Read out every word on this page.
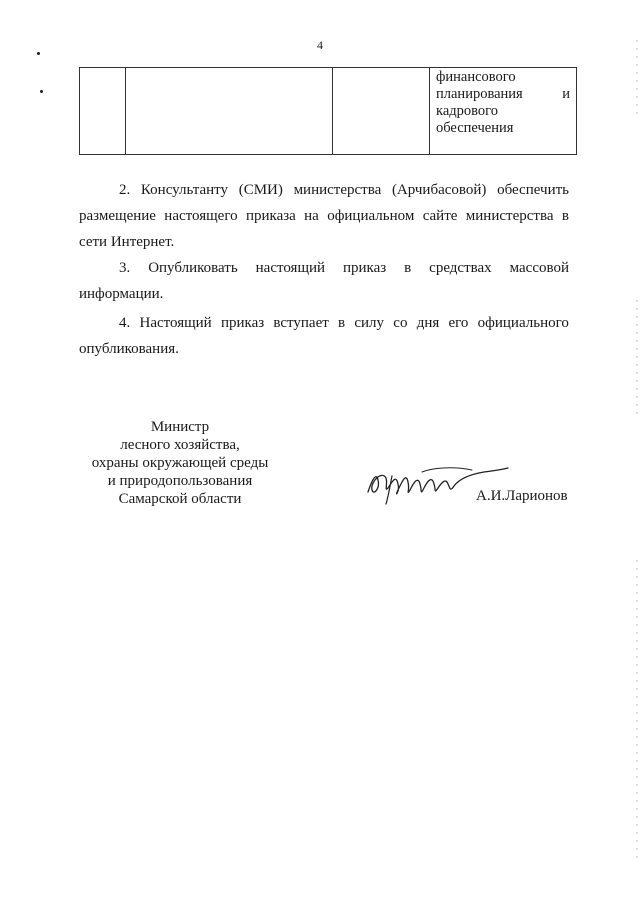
4

финансового
планирования	и
кадрового
обеспечения
2. Консультанту (СМИ) министерства (Арчибасовой) обеспечить
размещение настоящего приказа на официальном сайте министерства в
сети Интернет.
3. Опубликовать настоящий приказ в средствах массовой
информации.
4. Настоящий приказ вступает в силу со дня его официального
опубликования.
Министр
лесного хозяйства,
охраны окружающей среды
и природопользования
Самарской области	А.И.Ларионов
